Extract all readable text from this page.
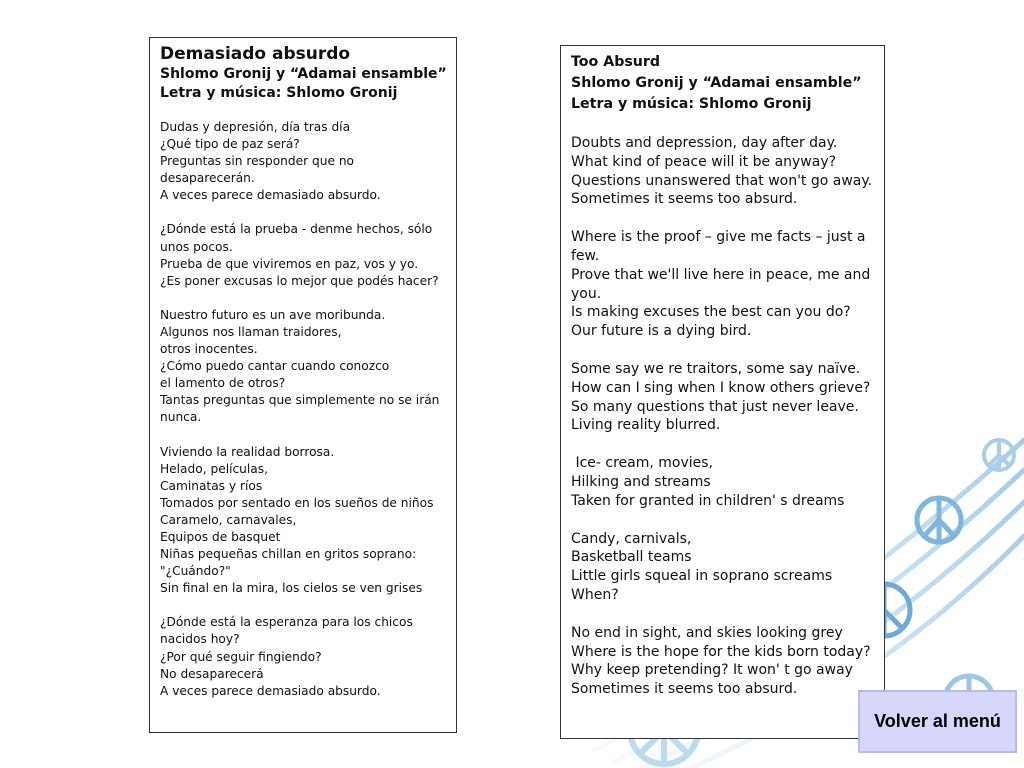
Demasiado absurdo
Shlomo Gronij y “Adamai ensamble”
Letra y música: Shlomo Gronij

Dudas y depresión, día tras día
¿Qué tipo de paz será?
Preguntas sin responder que no desaparecerán.
A veces parece demasiado absurdo.

¿Dónde está la prueba - denme hechos, sólo unos pocos.
Prueba de que viviremos en paz, vos y yo.
¿Es poner excusas lo mejor que podés hacer?

Nuestro futuro es un ave moribunda.
Algunos nos llaman traidores,
otros inocentes.
¿Cómo puedo cantar cuando conozco
el lamento de otros?
Tantas preguntas que simplemente no se irán nunca.

Viviendo la realidad borrosa.
Helado, películas,
Caminatas y ríos
Tomados por sentado en los sueños de niños
Caramelo, carnavales,
Equipos de basquet
Niñas pequeñas chillan en gritos soprano:
"¿Cuándo?"
Sin final en la mira, los cielos se ven grises

¿Dónde está la esperanza para los chicos nacidos hoy?
¿Por qué seguir fingiendo?
No desaparecerá
A veces parece demasiado absurdo.

Too Absurd
Shlomo Gronij y “Adamai ensamble”
Letra y música: Shlomo Gronij

Doubts and depression, day after day.
What kind of peace will it be anyway?
Questions unanswered that won't go away.
Sometimes it seems too absurd.

Where is the proof – give me facts – just a few.
Prove that we'll live here in peace, me and you.
Is making excuses the best can you do?
Our future is a dying bird.

Some say we re traitors, some say naïve.
How can I sing when I know others grieve?
So many questions that just never leave.
Living reality blurred.

Ice- cream, movies,
Hilking and streams
Taken for granted in children' s dreams

Candy, carnivals,
Basketball teams
Little girls squeal in soprano screams
When?

No end in sight, and skies looking grey
Where is the hope for the kids born today?
Why keep pretending? It won' t go away
Sometimes it seems too absurd.

Volver al menú
